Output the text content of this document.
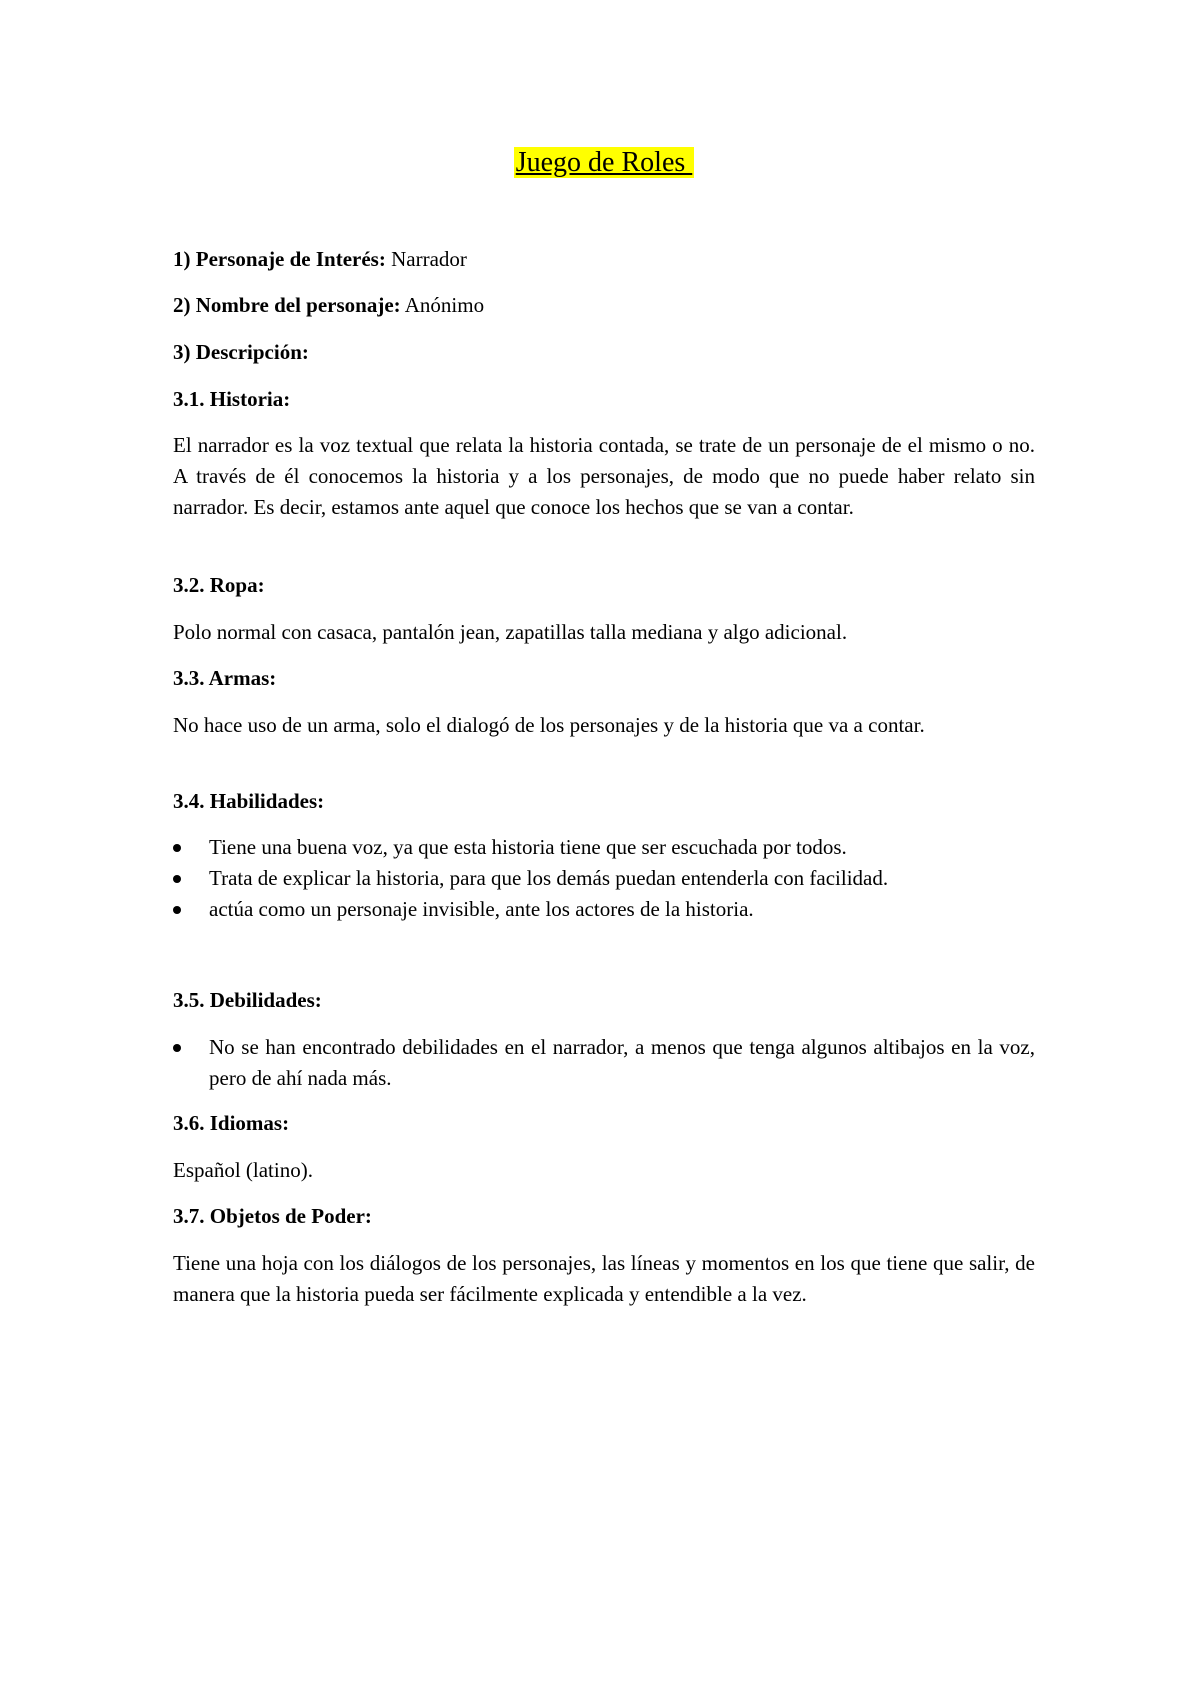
Juego de Roles
1) Personaje de Interés: Narrador
2) Nombre del personaje: Anónimo
3) Descripción:
3.1. Historia:
El narrador es la voz textual que relata la historia contada, se trate de un personaje de el mismo o no. A través de él conocemos la historia y a los personajes, de modo que no puede haber relato sin narrador. Es decir, estamos ante aquel que conoce los hechos que se van a contar.
3.2. Ropa:
Polo normal con casaca, pantalón jean, zapatillas talla mediana y algo adicional.
3.3. Armas:
No hace uso de un arma, solo el dialogó de los personajes y de la historia que va a contar.
3.4. Habilidades:
Tiene una buena voz, ya que esta historia tiene que ser escuchada por todos.
Trata de explicar la historia, para que los demás puedan entenderla con facilidad.
actúa como un personaje invisible, ante los actores de la historia.
3.5. Debilidades:
No se han encontrado debilidades en el narrador, a menos que tenga algunos altibajos en la voz, pero de ahí nada más.
3.6. Idiomas:
Español (latino).
3.7. Objetos de Poder:
Tiene una hoja con los diálogos de los personajes, las líneas y momentos en los que tiene que salir, de manera que la historia pueda ser fácilmente explicada y entendible a la vez.
